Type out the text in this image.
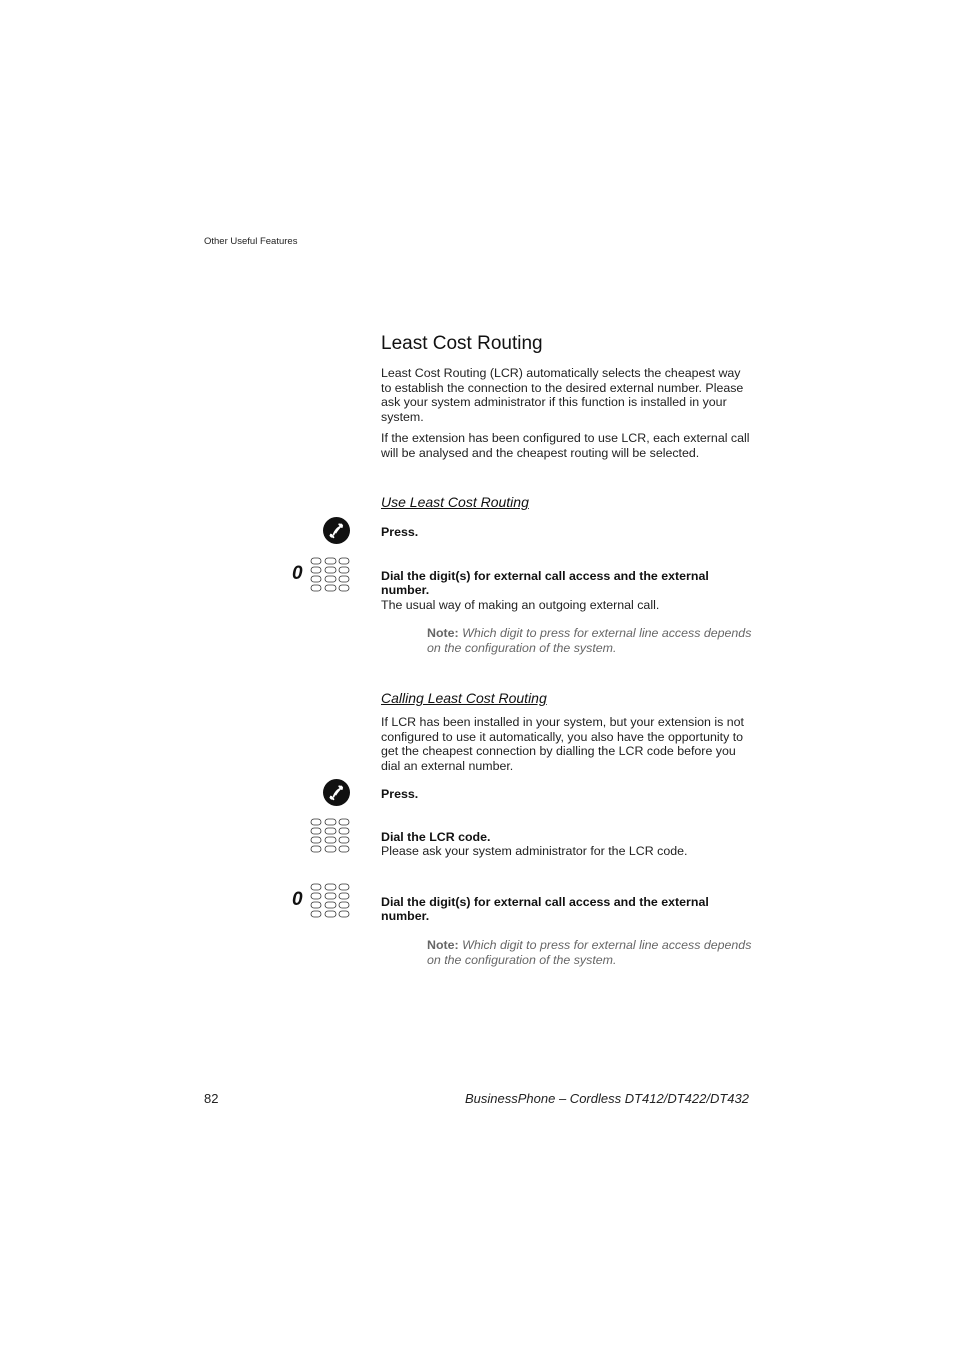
Other Useful Features
Least Cost Routing

Least Cost Routing (LCR) automatically selects the cheapest way to establish the connection to the desired external number. Please ask your system administrator if this function is installed in your system.

If the extension has been configured to use LCR, each external call will be analysed and the cheapest routing will be selected.

Use Least Cost Routing
Press.
0	Dial the digit(s) for external call access and the external number.
The usual way of making an outgoing external call.
Note: Which digit to press for external line access depends on the configuration of the system.
Calling Least Cost Routing

If LCR has been installed in your system, but your extension is not configured to use it automatically, you also have the opportunity to get the cheapest connection by dialling the LCR code before you dial an external number.

Press.
Dial the LCR code.
Please ask your system administrator for the LCR code.
0	Dial the digit(s) for external call access and the external number.
Note: Which digit to press for external line access depends on the configuration of the system.
82	BusinessPhone – Cordless DT412/DT422/DT432
